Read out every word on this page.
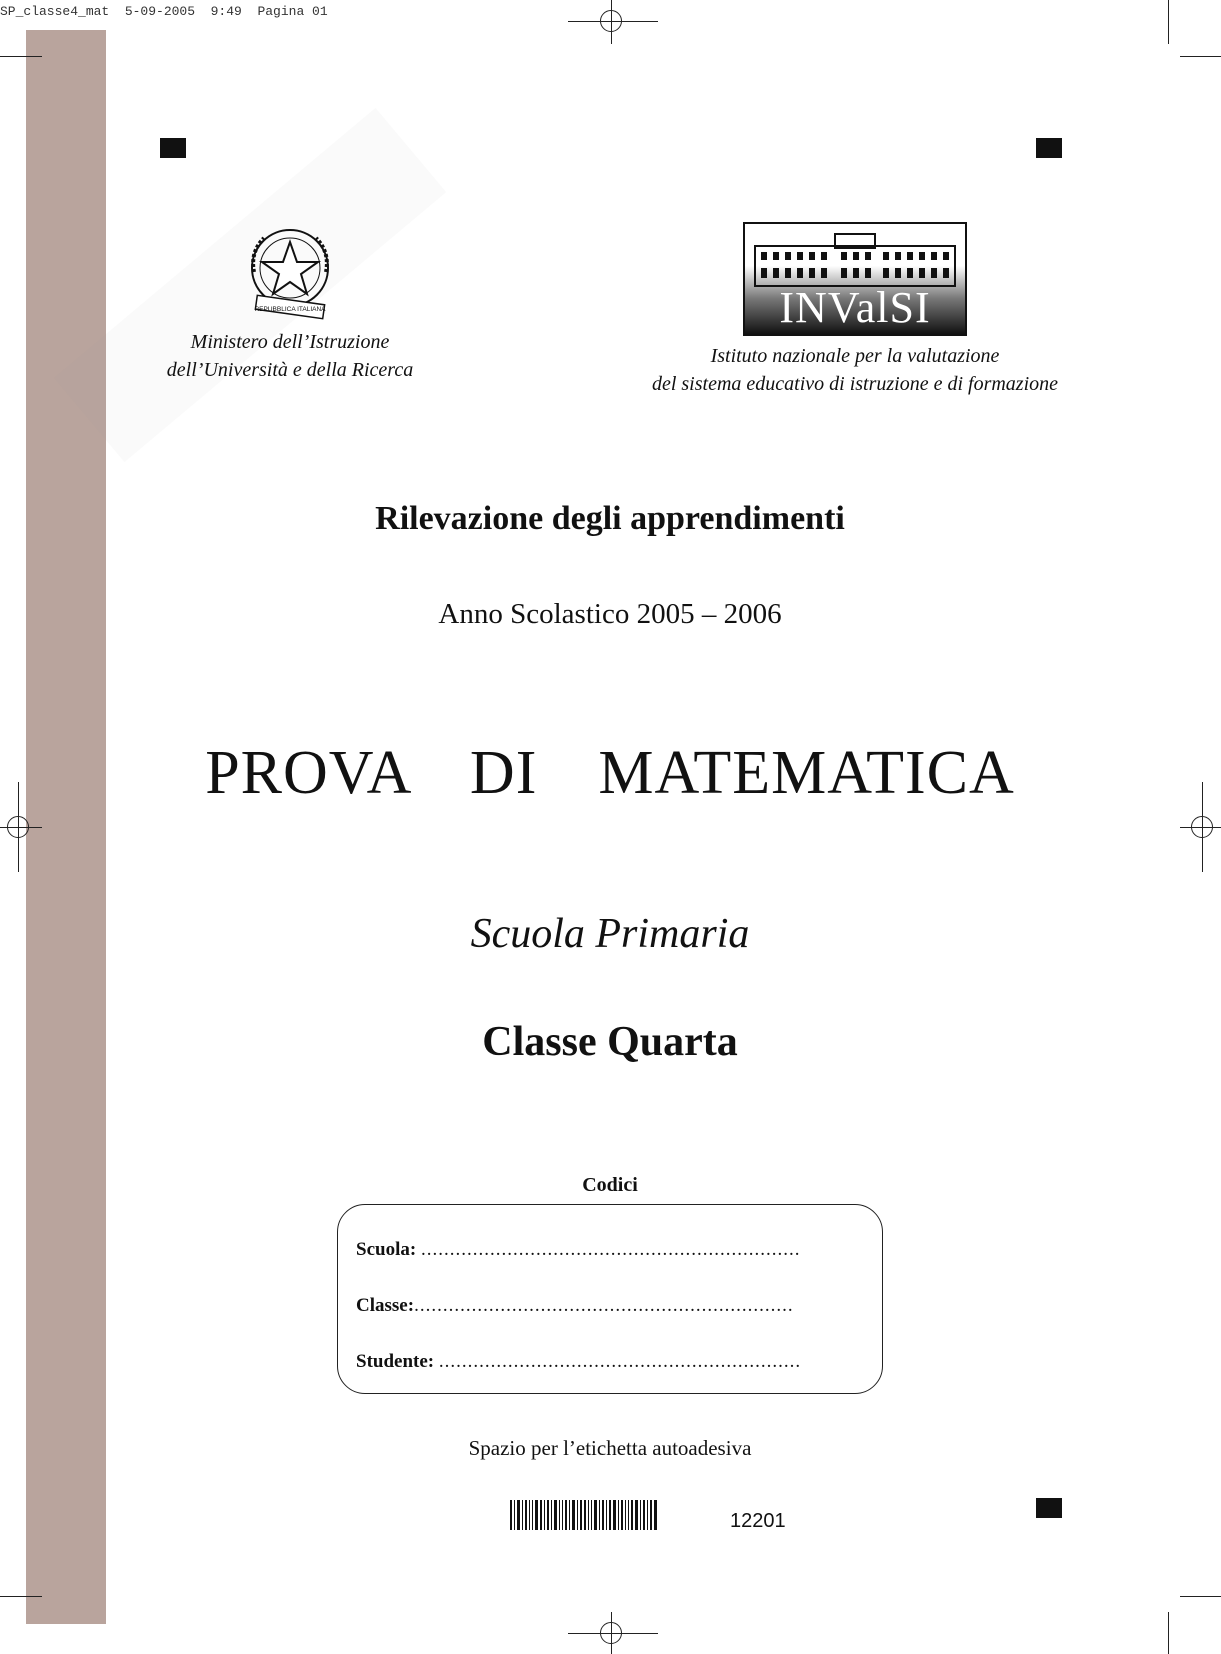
SP_classe4_mat  5-09-2005  9:49  Pagina 01
REPUBBLICA ITALIANA
Ministero dell’Istruzione
dell’Università e della Ricerca
INValSI
Istituto nazionale per la valutazione
del sistema educativo di istruzione e di formazione
Rilevazione degli apprendimenti
Anno Scolastico 2005 – 2006
PROVA  DI  MATEMATICA
Scuola Primaria
Classe Quarta
Codici
Scuola: ..................................................................
Classe:..................................................................
Studente: ...............................................................
Spazio per l’etichetta autoadesiva
12201
